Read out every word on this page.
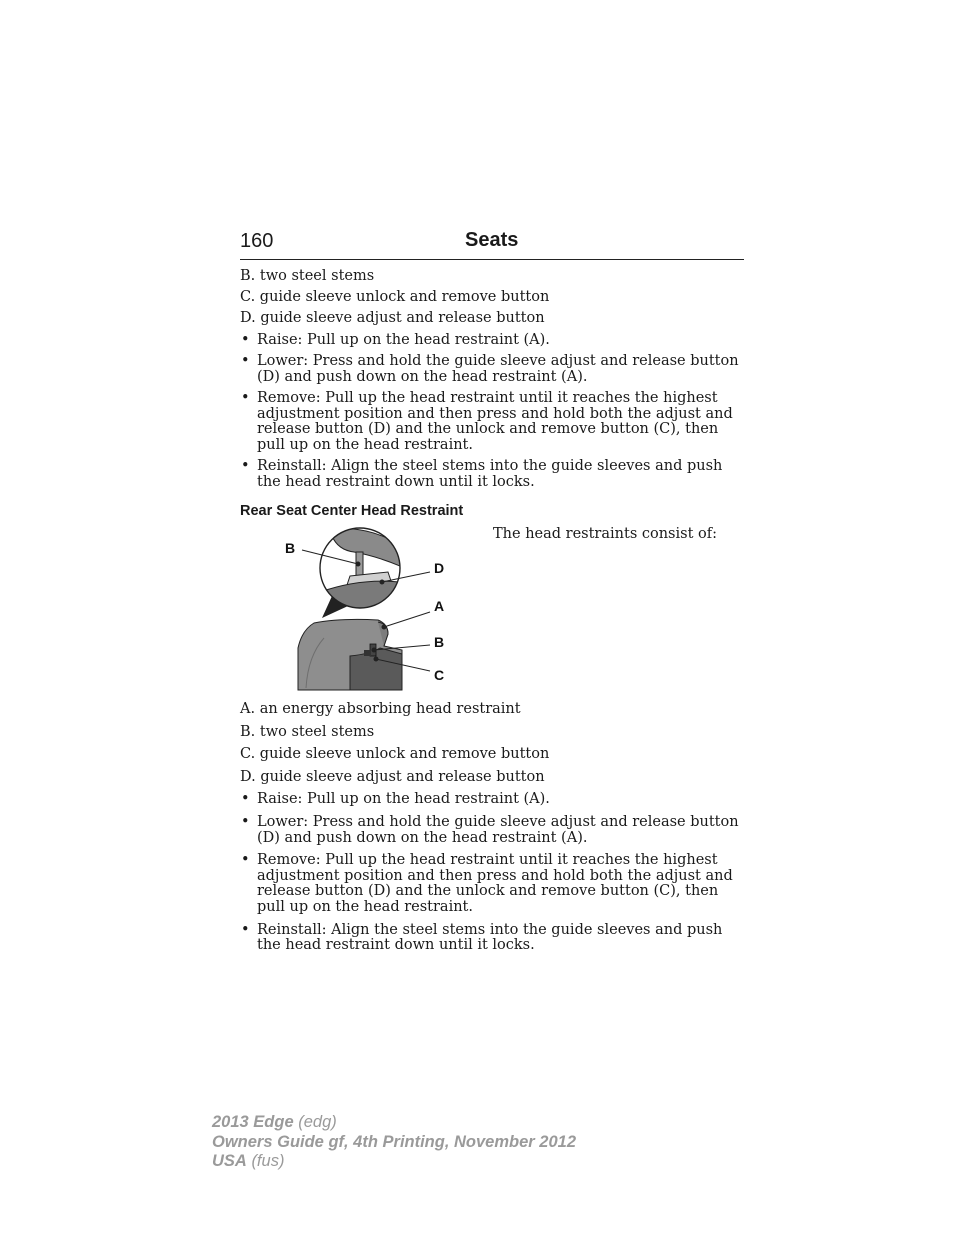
160	Seats

B. two steel stems

C. guide sleeve unlock and remove button

D. guide sleeve adjust and release button

• Raise: Pull up on the head restraint (A).
• Lower: Press and hold the guide sleeve adjust and release button (D) and push down on the head restraint (A).
• Remove: Pull up the head restraint until it reaches the highest adjustment position and then press and hold both the adjust and release button (D) and the unlock and remove button (C), then pull up on the head restraint.
• Reinstall: Align the steel stems into the guide sleeves and push the head restraint down until it locks.
Rear Seat Center Head Restraint
The head restraints consist of:
B
D
A
B
C

A. an energy absorbing head restraint

B. two steel stems

C. guide sleeve unlock and remove button

D. guide sleeve adjust and release button

• Raise: Pull up on the head restraint (A).
• Lower: Press and hold the guide sleeve adjust and release button (D) and push down on the head restraint (A).
• Remove: Pull up the head restraint until it reaches the highest adjustment position and then press and hold both the adjust and release button (D) and the unlock and remove button (C), then pull up on the head restraint.
• Reinstall: Align the steel stems into the guide sleeves and push the head restraint down until it locks.
2013 Edge (edg)
Owners Guide gf, 4th Printing, November 2012
USA (fus)
